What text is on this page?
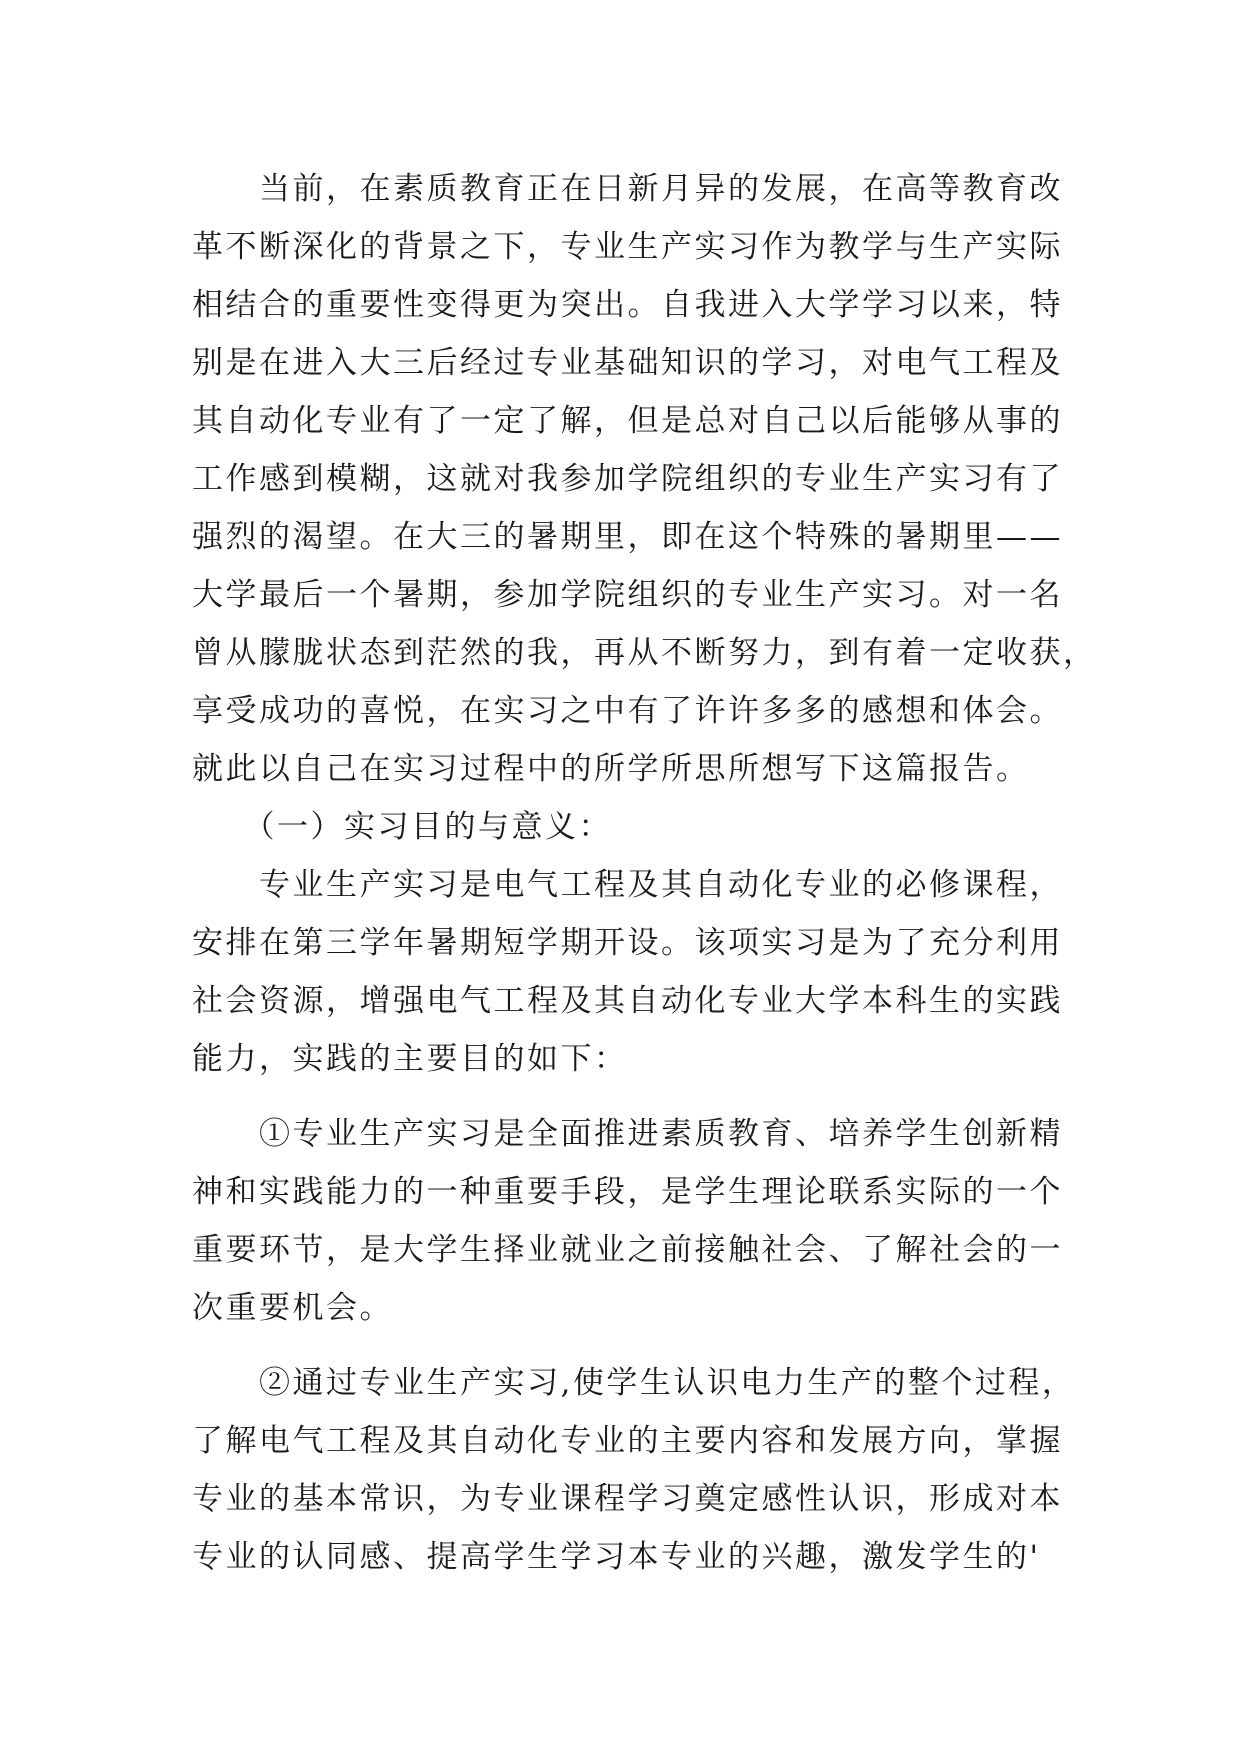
　　当前，在素质教育正在日新月异的发展，在高等教育改
革不断深化的背景之下，专业生产实习作为教学与生产实际
相结合的重要性变得更为突出。自我进入大学学习以来，特
别是在进入大三后经过专业基础知识的学习，对电气工程及
其自动化专业有了一定了解，但是总对自己以后能够从事的
工作感到模糊，这就对我参加学院组织的专业生产实习有了
强烈的渴望。在大三的暑期里，即在这个特殊的暑期里——
大学最后一个暑期，参加学院组织的专业生产实习。对一名
曾从朦胧状态到茫然的我，再从不断努力，到有着一定收获，
享受成功的喜悦，在实习之中有了许许多多的感想和体会。
就此以自己在实习过程中的所学所思所想写下这篇报告。
　　（一）实习目的与意义：
　　专业生产实习是电气工程及其自动化专业的必修课程，
安排在第三学年暑期短学期开设。该项实习是为了充分利用
社会资源，增强电气工程及其自动化专业大学本科生的实践
能力，实践的主要目的如下：
　　①专业生产实习是全面推进素质教育、培养学生创新精
神和实践能力的一种重要手段，是学生理论联系实际的一个
重要环节，是大学生择业就业之前接触社会、了解社会的一
次重要机会。
　　②通过专业生产实习,使学生认识电力生产的整个过程，
了解电气工程及其自动化专业的主要内容和发展方向，掌握
专业的基本常识，为专业课程学习奠定感性认识，形成对本
专业的认同感、提高学生学习本专业的兴趣，激发学生的'
